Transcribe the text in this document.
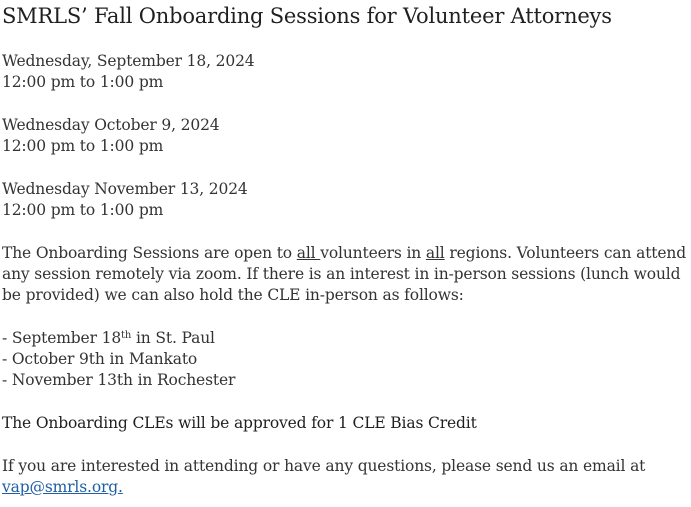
SMRLS’ Fall Onboarding Sessions for Volunteer Attorneys
Wednesday, September 18, 2024
12:00 pm to 1:00 pm
Wednesday October 9, 2024
12:00 pm to 1:00 pm
Wednesday November 13, 2024
12:00 pm to 1:00 pm
The Onboarding Sessions are open to all volunteers in all regions. Volunteers can attend
any session remotely via zoom. If there is an interest in in-person sessions (lunch would
be provided) we can also hold the CLE in-person as follows:
- September 18th in St. Paul
- October 9th in Mankato
- November 13th in Rochester
The Onboarding CLEs will be approved for 1 CLE Bias Credit
If you are interested in attending or have any questions, please send us an email at
vap@smrls.org.
